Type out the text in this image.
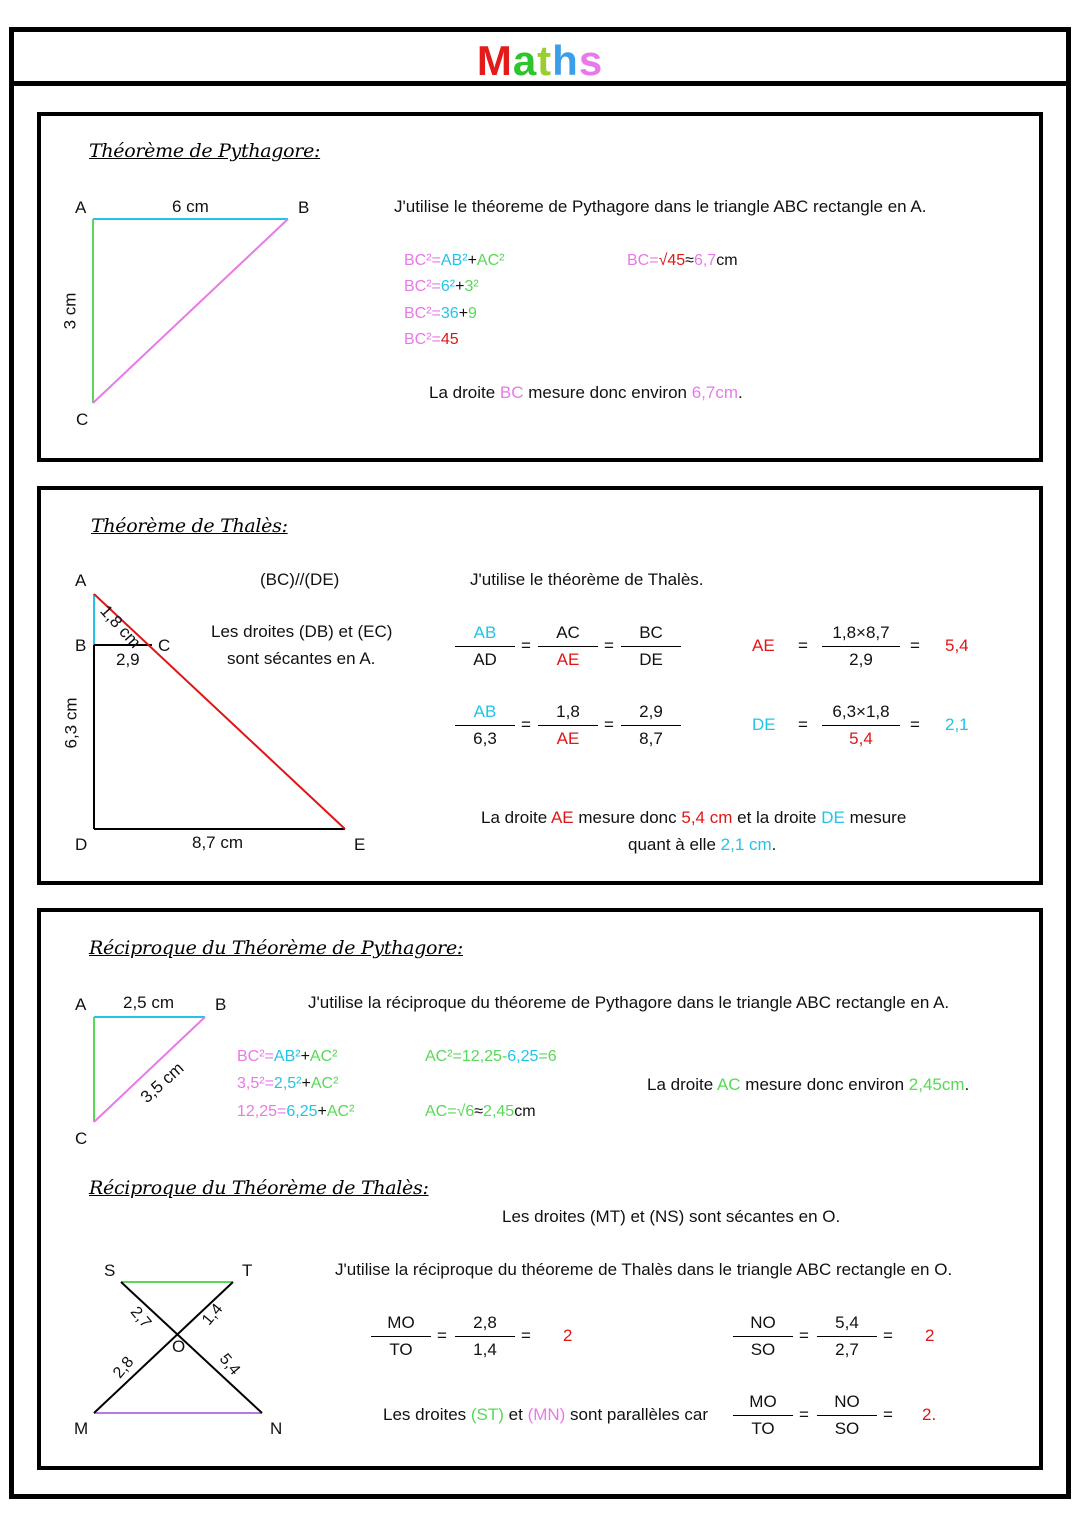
Maths
Théorème de Pythagore:
A	B
C
6 cm
3 cm
J'utilise le théoreme de Pythagore dans le triangle ABC rectangle en A.
BC²=AB²+AC²
BC²=6²+3²
BC²=36+9
BC²=45
BC=√45≈6,7cm
La droite BC mesure donc environ 6,7cm.
Théorème de Thalès:
A
B	C
D	E
1,8 cm
2,9
6,3 cm
8,7 cm
(BC)//(DE)
Les droites (DB) et (EC)
sont sécantes en A.
J'utilise le théorème de Thalès.
$\frac{AB}{AD} = \frac{AC}{AE} = \frac{BC}{DE}$
$\frac{AB}{6,3} = \frac{1,8}{AE} = \frac{2,9}{8,7}$
AE = $\frac{1,8\times 8,7}{2,9} = 5,4$
DE = $\frac{6,3\times 1,8}{5,4} = 2,1$
La droite AE mesure donc 5,4 cm et la droite DE mesure
quant à elle 2,1 cm.
Réciproque du Théorème de Pythagore:
A	B
C
2,5 cm
3,5 cm
J'utilise la réciproque du théoreme de Pythagore dans le triangle ABC rectangle en A.
BC²=AB²+AC²
3,5²=2,5²+AC²
12,25=6,25+AC²
AC²=12,25-6,25=6
AC=√6≈2,45cm
La droite AC mesure donc environ 2,45cm.
Réciproque du Théorème de Thalès:
S	T
M	N
O
2,7	1,4
2,8	5,4
Les droites (MT) et (NS) sont sécantes en O.
J'utilise la réciproque du théoreme de Thalès dans le triangle ABC rectangle en O.
$\frac{MO}{TO} = \frac{2,8}{1,4} = 2$	$\frac{NO}{SO} = \frac{5,4}{2,7} = 2$
Les droites (ST) et (MN) sont parallèles car $\frac{MO}{TO} = \frac{NO}{SO} = 2$.
